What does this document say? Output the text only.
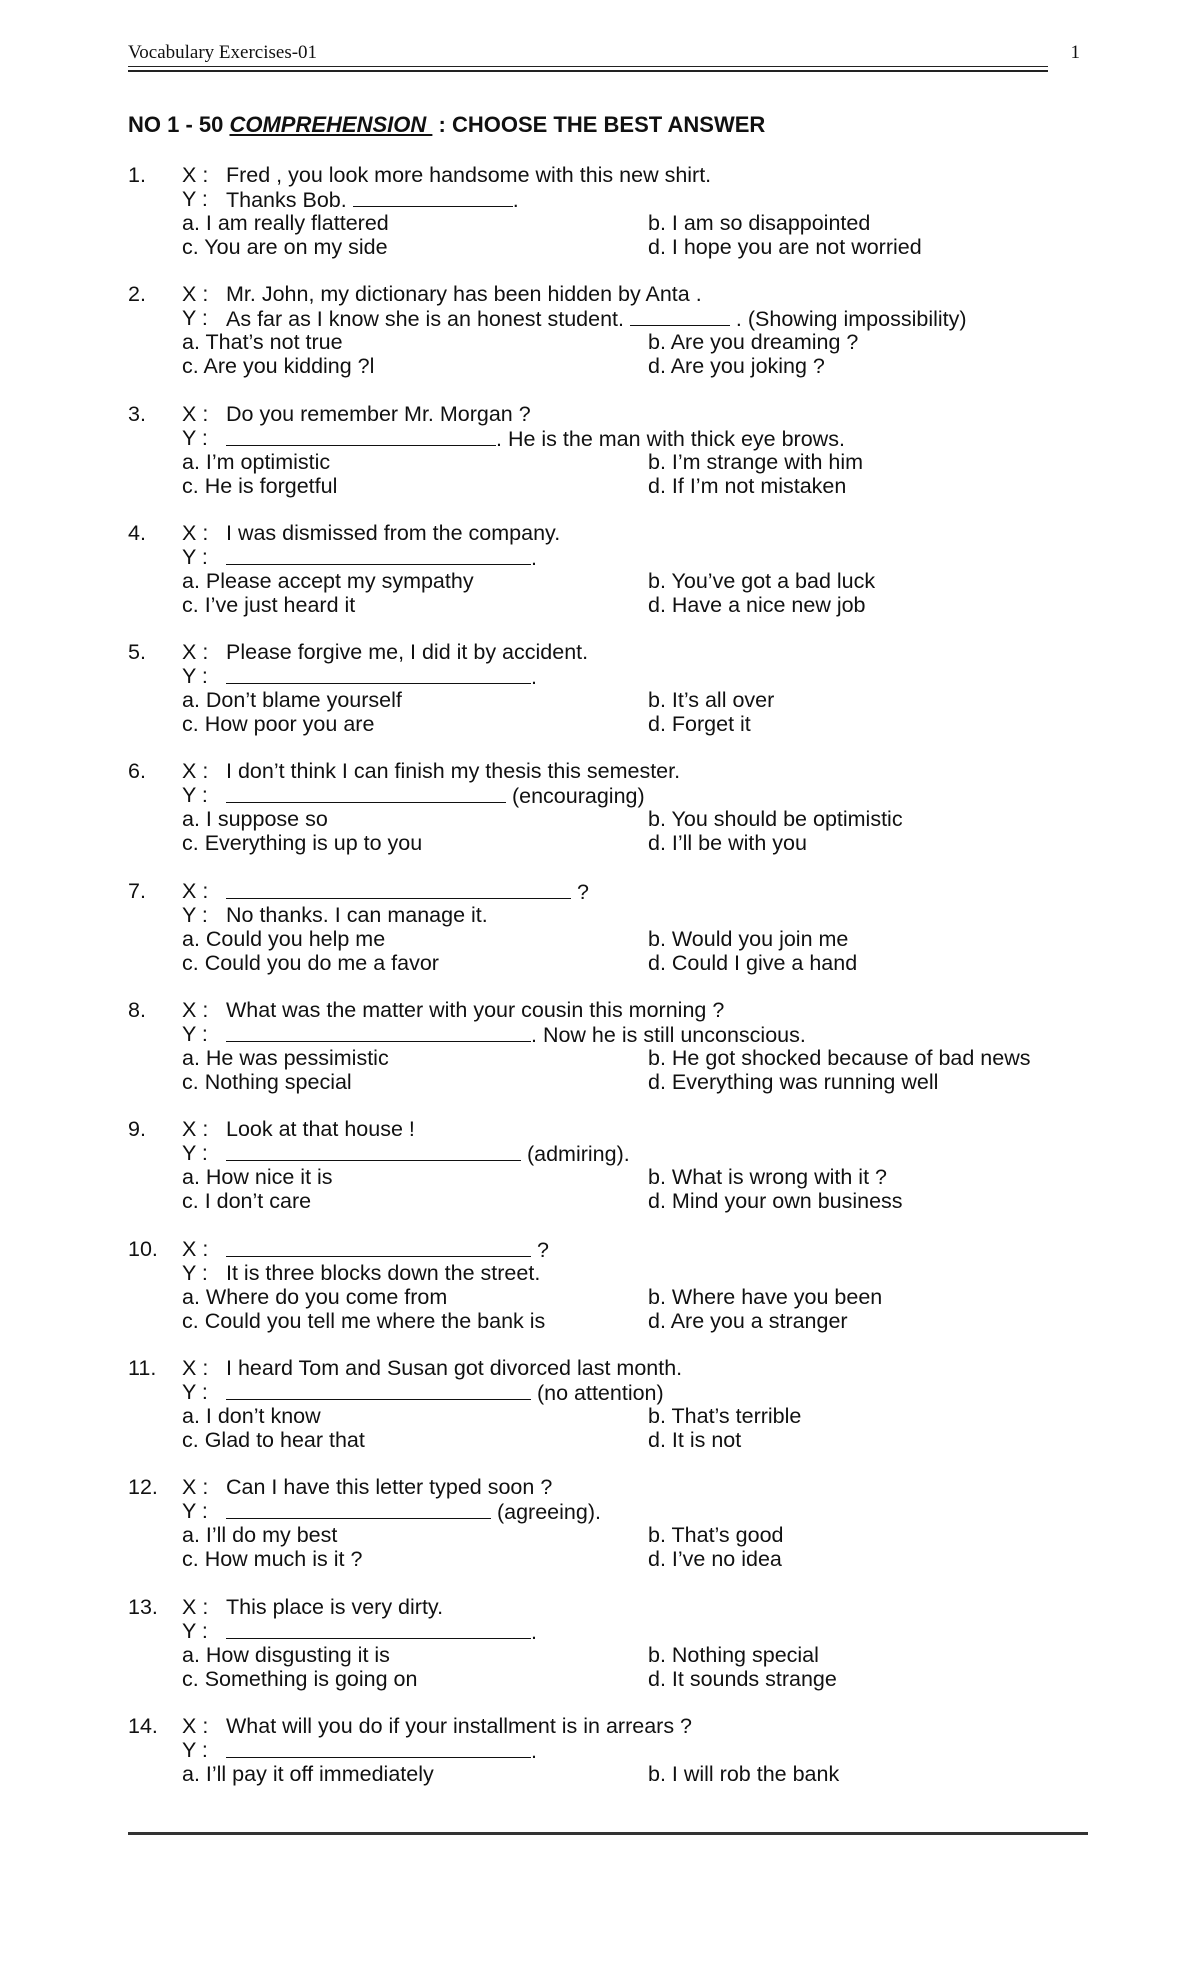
Vocabulary Exercises-01	1
NO 1 - 50 COMPREHENSION  : CHOOSE THE BEST ANSWER
1. X : Fred , you look more handsome with this new shirt.
Y : Thanks Bob.	.
a. I am really flattered	b. I am so disappointed
c. You are on my side	d. I hope you are not worried
2. X : Mr. John, my dictionary has been hidden by Anta .
Y : As far as I know she is an honest student.	. (Showing impossibility)
a. That’s not true	b. Are you dreaming ?
c. Are you kidding ?l	d. Are you joking ?
3. X : Do you remember Mr. Morgan ?
Y :	. He is the man with thick eye brows.
a. I’m optimistic	b. I’m strange with him
c. He is forgetful	d. If I’m not mistaken
4. X : I was dismissed from the company.
Y :	.
a. Please accept my sympathy	b. You’ve got a bad luck
c. I’ve just heard it	d. Have a nice new job
5. X : Please forgive me, I did it by accident.
Y :	.
a. Don’t blame yourself	b. It’s all over
c. How poor you are	d. Forget it
6. X : I don’t think I can finish my thesis this semester.
Y :	(encouraging)
a. I suppose so	b. You should be optimistic
c. Everything is up to you	d. I’ll be with you
7. X :	?
Y : No thanks. I can manage it.
a. Could you help me	b. Would you join me
c. Could you do me a favor	d. Could I give a hand
8. X : What was the matter with your cousin this morning ?
Y :	. Now he is still unconscious.
a. He was pessimistic	b. He got shocked because of bad news
c. Nothing special	d. Everything was running well
9. X : Look at that house !
Y :	(admiring).
a. How nice it is	b. What is wrong with it ?
c. I don’t care	d. Mind your own business
10. X :	?
Y : It is three blocks down the street.
a. Where do you come from	b. Where have you been
c. Could you tell me where the bank is	d. Are you a stranger
11. X : I heard Tom and Susan got divorced last month.
Y :	(no attention)
a. I don’t know	b. That’s terrible
c. Glad to hear that	d. It is not
12. X : Can I have this letter typed soon ?
Y :	(agreeing).
a. I’ll do my best	b. That’s good
c. How much is it ?	d. I’ve no idea
13. X : This place is very dirty.
Y :	.
a. How disgusting it is	b. Nothing special
c. Something is going on	d. It sounds strange
14. X : What will you do if your installment is in arrears ?
Y :	.
a. I’ll pay it off immediately	b. I will rob the bank
